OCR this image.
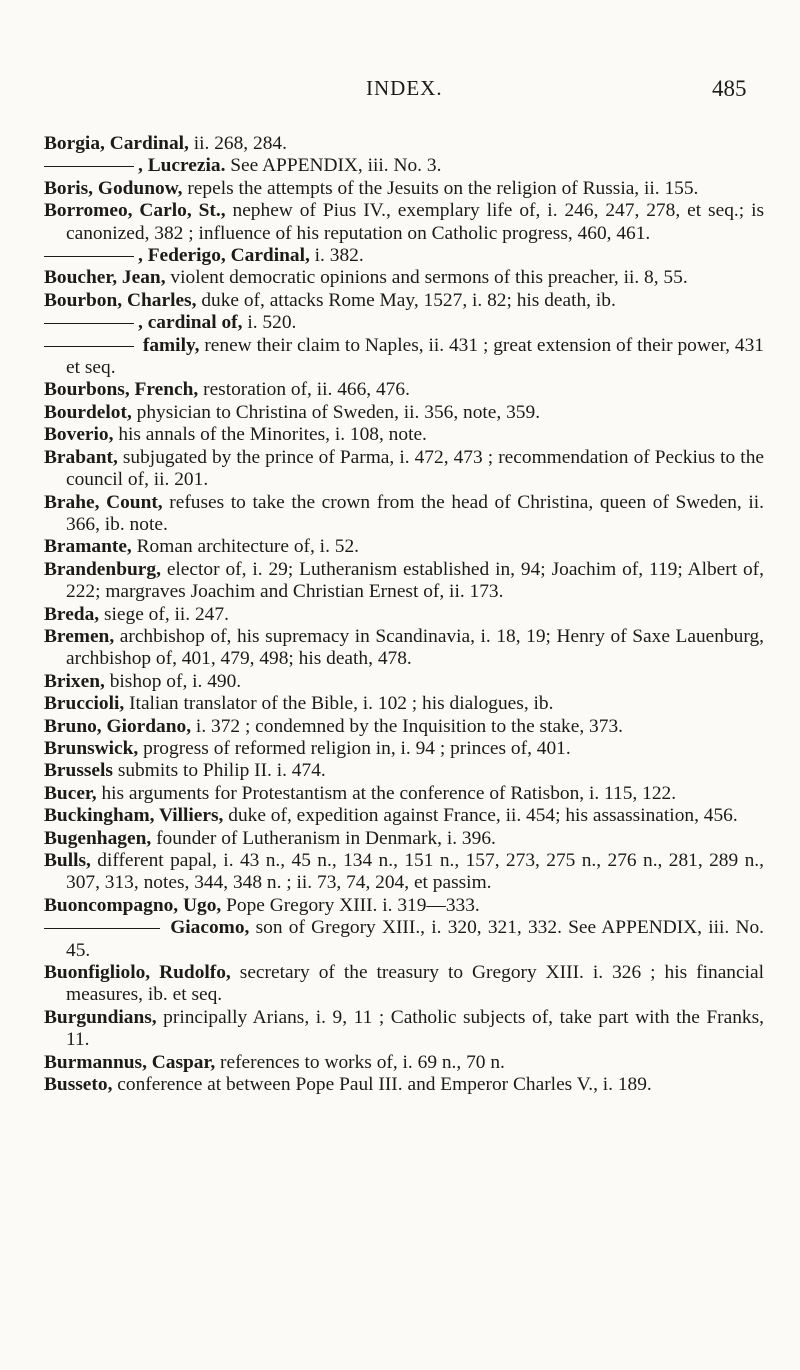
INDEX.	485
Borgia, Cardinal, ii. 268, 284.
, Lucrezia. See APPENDIX, iii. No. 3.
Boris, Godunow, repels the attempts of the Jesuits on the religion of Russia, ii. 155.
Borromeo, Carlo, St., nephew of Pius IV., exemplary life of, i. 246, 247, 278, et seq.; is canonized, 382 ; influence of his reputation on Catholic progress, 460, 461.
, Federigo, Cardinal, i. 382.
Boucher, Jean, violent democratic opinions and sermons of this preacher, ii. 8, 55.
Bourbon, Charles, duke of, attacks Rome May, 1527, i. 82; his death, ib.
, cardinal of, i. 520.
family, renew their claim to Naples, ii. 431 ; great extension of their power, 431 et seq.
Bourbons, French, restoration of, ii. 466, 476.
Bourdelot, physician to Christina of Sweden, ii. 356, note, 359.
Boverio, his annals of the Minorites, i. 108, note.
Brabant, subjugated by the prince of Parma, i. 472, 473 ; recommendation of Peckius to the council of, ii. 201.
Brahe, Count, refuses to take the crown from the head of Christina, queen of Sweden, ii. 366, ib. note.
Bramante, Roman architecture of, i. 52.
Brandenburg, elector of, i. 29; Lutheranism established in, 94; Joachim of, 119; Albert of, 222; margraves Joachim and Christian Ernest of, ii. 173.
Breda, siege of, ii. 247.
Bremen, archbishop of, his supremacy in Scandinavia, i. 18, 19; Henry of Saxe Lauenburg, archbishop of, 401, 479, 498; his death, 478.
Brixen, bishop of, i. 490.
Bruccioli, Italian translator of the Bible, i. 102 ; his dialogues, ib.
Bruno, Giordano, i. 372 ; condemned by the Inquisition to the stake, 373.
Brunswick, progress of reformed religion in, i. 94 ; princes of, 401.
Brussels submits to Philip II. i. 474.
Bucer, his arguments for Protestantism at the conference of Ratisbon, i. 115, 122.
Buckingham, Villiers, duke of, expedition against France, ii. 454; his assassination, 456.
Bugenhagen, founder of Lutheranism in Denmark, i. 396.
Bulls, different papal, i. 43 n., 45 n., 134 n., 151 n., 157, 273, 275 n., 276 n., 281, 289 n., 307, 313, notes, 344, 348 n. ; ii. 73, 74, 204, et passim.
Buoncompagno, Ugo, Pope Gregory XIII. i. 319—333.
Giacomo, son of Gregory XIII., i. 320, 321, 332. See APPENDIX, iii. No. 45.
Buonfigliolo, Rudolfo, secretary of the treasury to Gregory XIII. i. 326 ; his financial measures, ib. et seq.
Burgundians, principally Arians, i. 9, 11 ; Catholic subjects of, take part with the Franks, 11.
Burmannus, Caspar, references to works of, i. 69 n., 70 n.
Busseto, conference at between Pope Paul III. and Emperor Charles V., i. 189.
